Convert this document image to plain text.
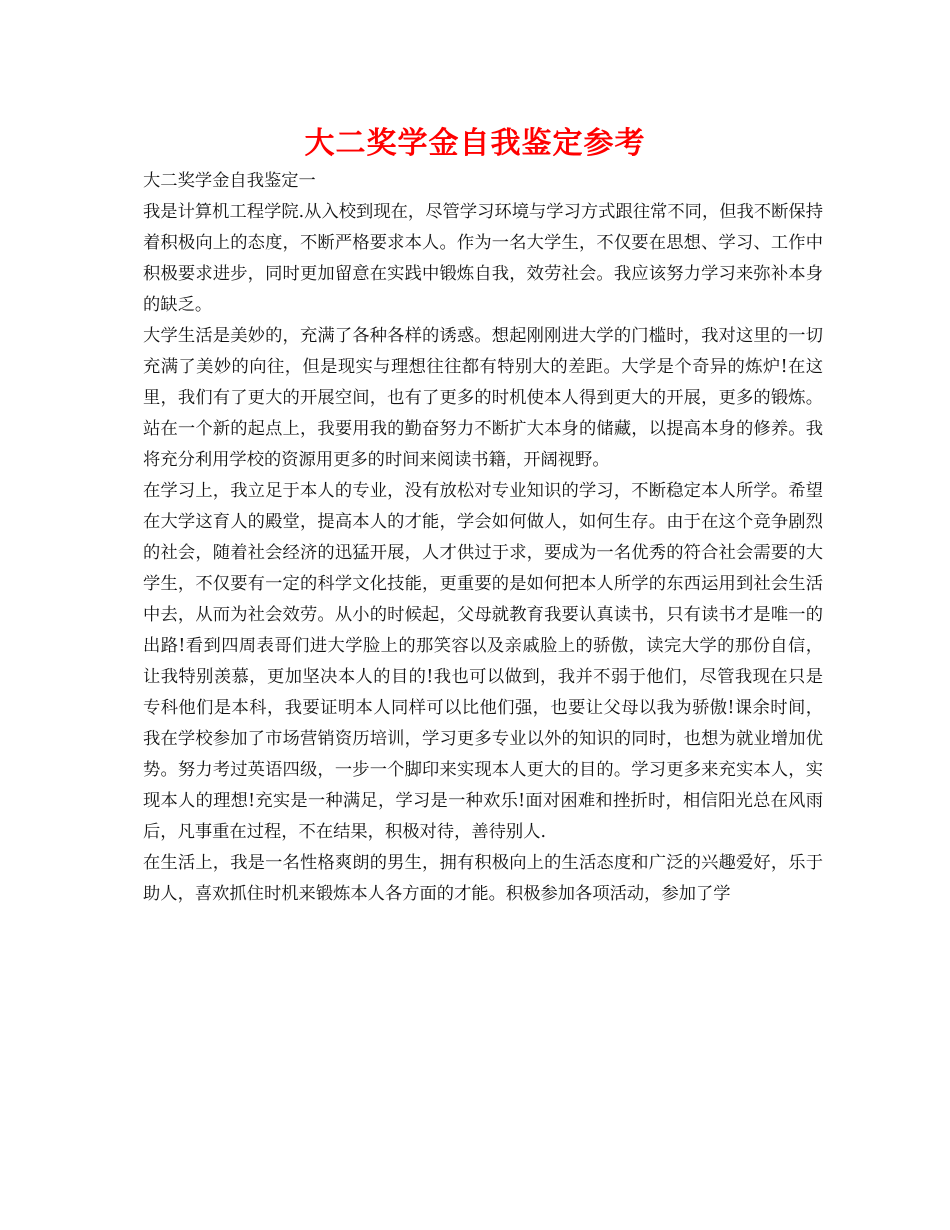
大二奖学金自我鉴定参考

大二奖学金自我鉴定一

我是计算机工程学院.从入校到现在，尽管学习环境与学习方式跟往常不同，但我不断保持着积极向上的态度，不断严格要求本人。作为一名大学生，不仅要在思想、学习、工作中积极要求进步，同时更加留意在实践中锻炼自我，效劳社会。我应该努力学习来弥补本身的缺乏。

大学生活是美妙的，充满了各种各样的诱惑。想起刚刚进大学的门槛时，我对这里的一切充满了美妙的向往，但是现实与理想往往都有特别大的差距。大学是个奇异的炼炉!在这里，我们有了更大的开展空间，也有了更多的时机使本人得到更大的开展，更多的锻炼。站在一个新的起点上，我要用我的勤奋努力不断扩大本身的储藏，以提高本身的修养。我将充分利用学校的资源用更多的时间来阅读书籍，开阔视野。

在学习上，我立足于本人的专业，没有放松对专业知识的学习，不断稳定本人所学。希望在大学这育人的殿堂，提高本人的才能，学会如何做人，如何生存。由于在这个竞争剧烈的社会，随着社会经济的迅猛开展，人才供过于求，要成为一名优秀的符合社会需要的大学生，不仅要有一定的科学文化技能，更重要的是如何把本人所学的东西运用到社会生活中去，从而为社会效劳。从小的时候起，父母就教育我要认真读书，只有读书才是唯一的出路!看到四周表哥们进大学脸上的那笑容以及亲戚脸上的骄傲，读完大学的那份自信，让我特别羡慕，更加坚决本人的目的!我也可以做到，我并不弱于他们，尽管我现在只是专科他们是本科，我要证明本人同样可以比他们强，也要让父母以我为骄傲!课余时间，我在学校参加了市场营销资历培训，学习更多专业以外的知识的同时，也想为就业增加优势。努力考过英语四级，一步一个脚印来实现本人更大的目的。学习更多来充实本人，实现本人的理想!充实是一种满足，学习是一种欢乐!面对困难和挫折时，相信阳光总在风雨后，凡事重在过程，不在结果，积极对待，善待别人.

在生活上，我是一名性格爽朗的男生，拥有积极向上的生活态度和广泛的兴趣爱好，乐于助人，喜欢抓住时机来锻炼本人各方面的才能。积极参加各项活动，参加了学
